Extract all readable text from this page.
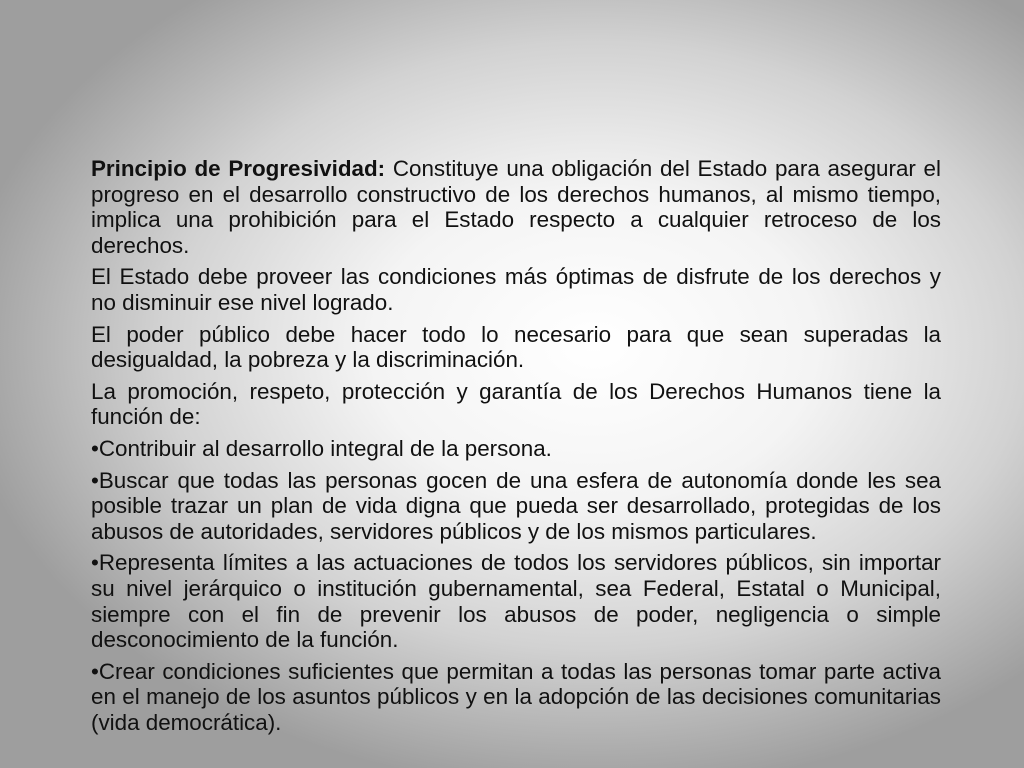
Principio de Progresividad: Constituye una obligación del Estado para asegurar el progreso en el desarrollo constructivo de los derechos humanos, al mismo tiempo, implica una prohibición para el Estado respecto a cualquier retroceso de los derechos.

El Estado debe proveer las condiciones más óptimas de disfrute de los derechos y no disminuir ese nivel logrado.

El poder público debe hacer todo lo necesario para que sean superadas la desigualdad, la pobreza y la discriminación.

La promoción, respeto, protección y garantía de los Derechos Humanos tiene la función de:

•Contribuir al desarrollo integral de la persona.

•Buscar que todas las personas gocen de una esfera de autonomía donde les sea posible trazar un plan de vida digna que pueda ser desarrollado, protegidas de los abusos de autoridades, servidores públicos y de los mismos particulares.

•Representa límites a las actuaciones de todos los servidores públicos, sin importar su nivel jerárquico o institución gubernamental, sea Federal, Estatal o Municipal, siempre con el fin de prevenir los abusos de poder, negligencia o simple desconocimiento de la función.

•Crear condiciones suficientes que permitan a todas las personas tomar parte activa en el manejo de los asuntos públicos y en la adopción de las decisiones comunitarias (vida democrática).
